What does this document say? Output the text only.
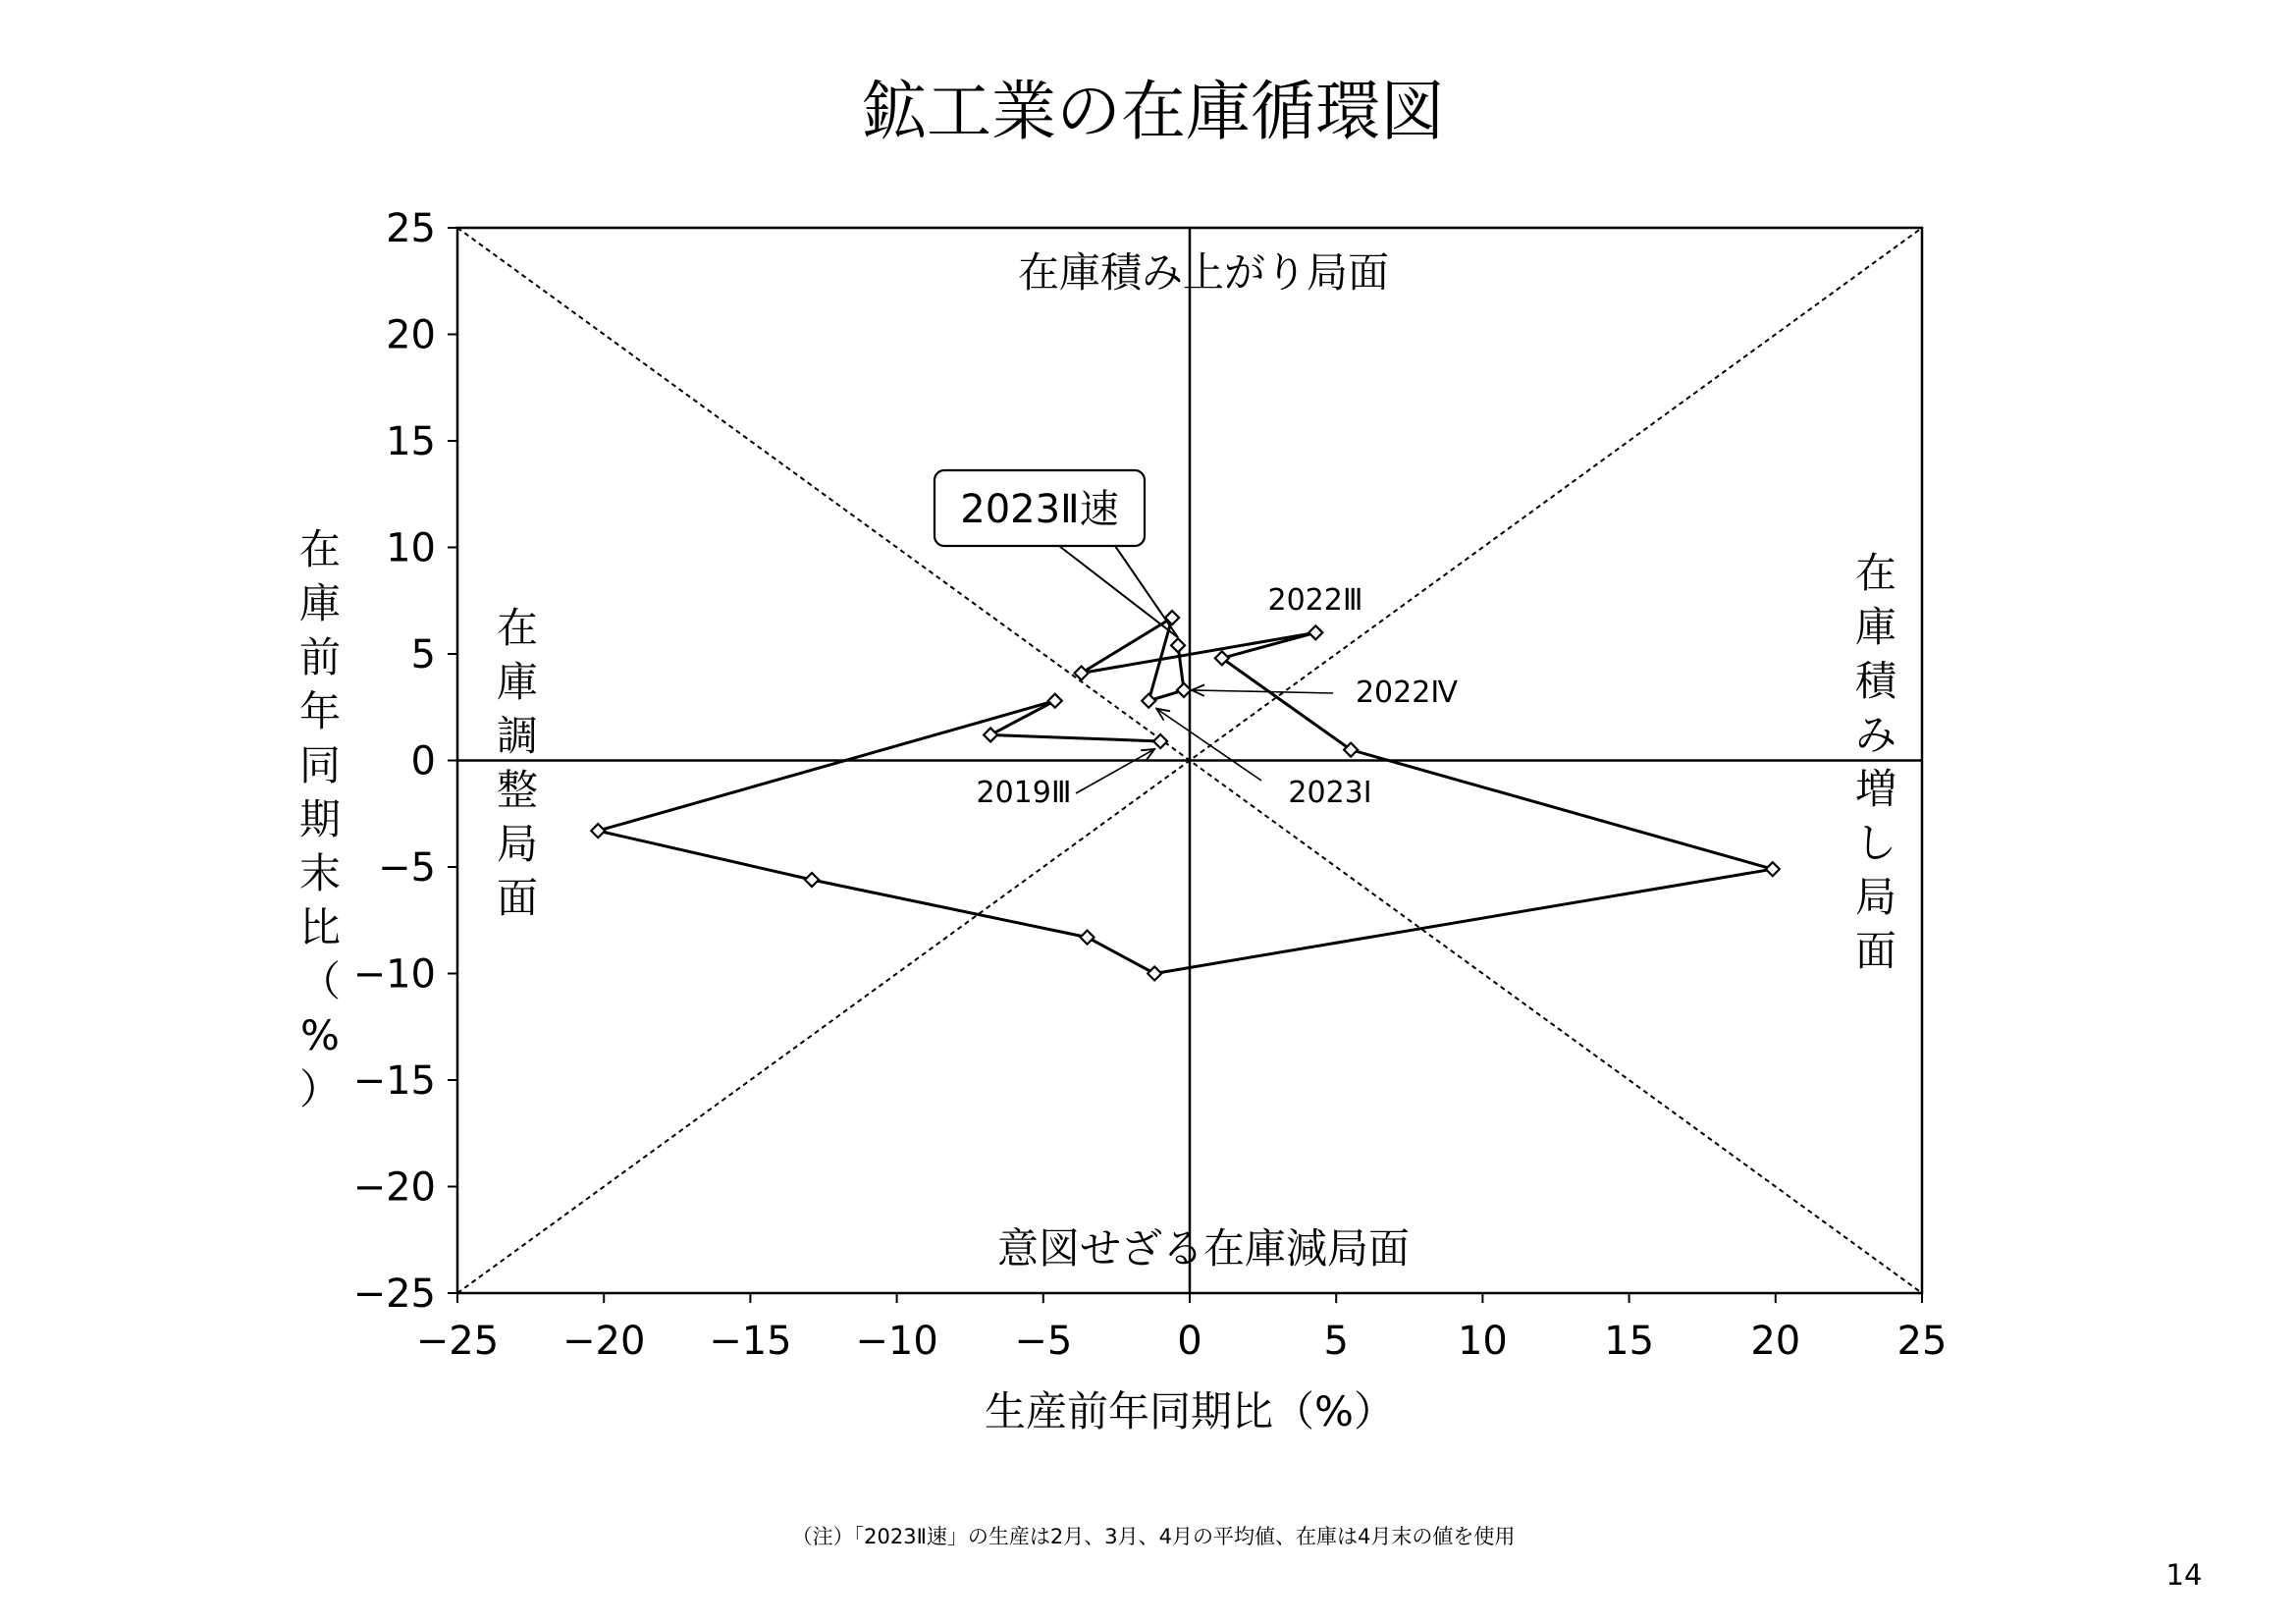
鉱工業の在庫循環図
−25
−20
−15
−10
−5
0
5
10
15
20
25
−25 −20 −15 −10 −5	0	5	10 15 20 25
生産前年同期比（%）
在庫前年同期末比（%）
在庫積み上がり局面
意図せざる在庫減局面
在庫調整局面
在庫積み増し局面
2019Ⅲ
2022Ⅲ
2022Ⅳ
2023Ⅰ
2023Ⅱ速
（注）「2023Ⅱ速」の生産は2月、3月、4月の平均値、在庫は4月末の値を使用
14
